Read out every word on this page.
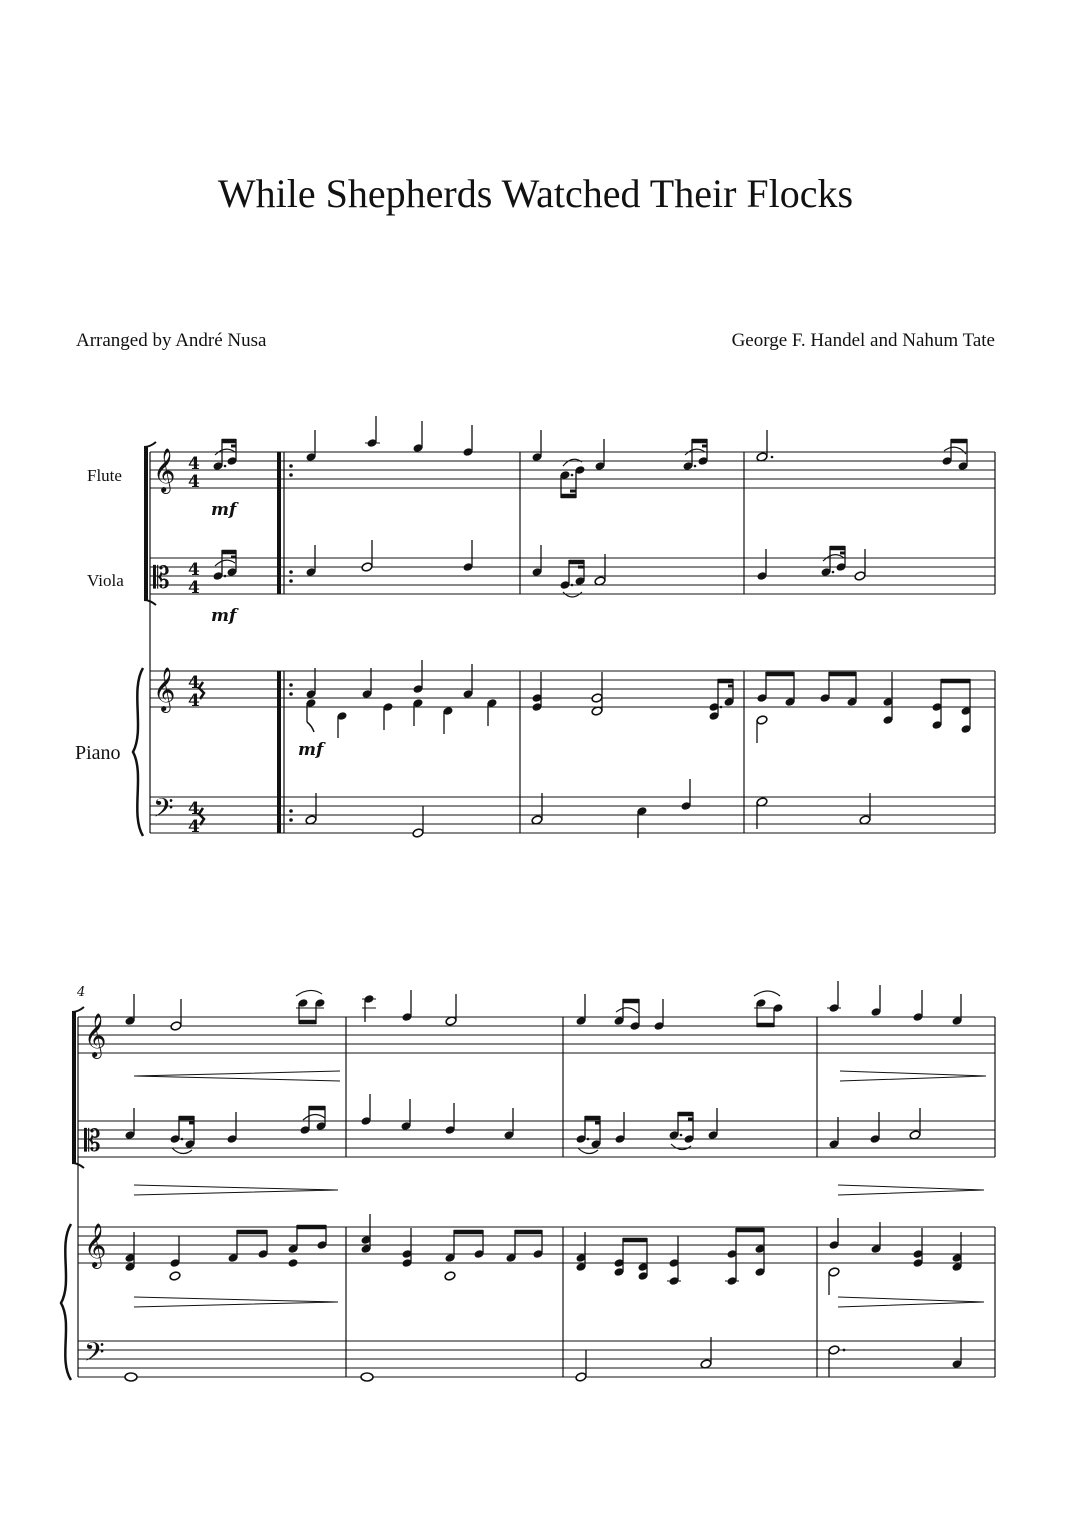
While Shepherds Watched Their Flocks
Arranged by André Nusa	George F. Handel and Nahum Tate
Flute
Viola
Piano
𝄞
𝄡
𝄞
𝄢
4
4
4
4
4
4
4
4
mf
mf
mf
4
𝄞
𝄡
𝄞
𝄢
